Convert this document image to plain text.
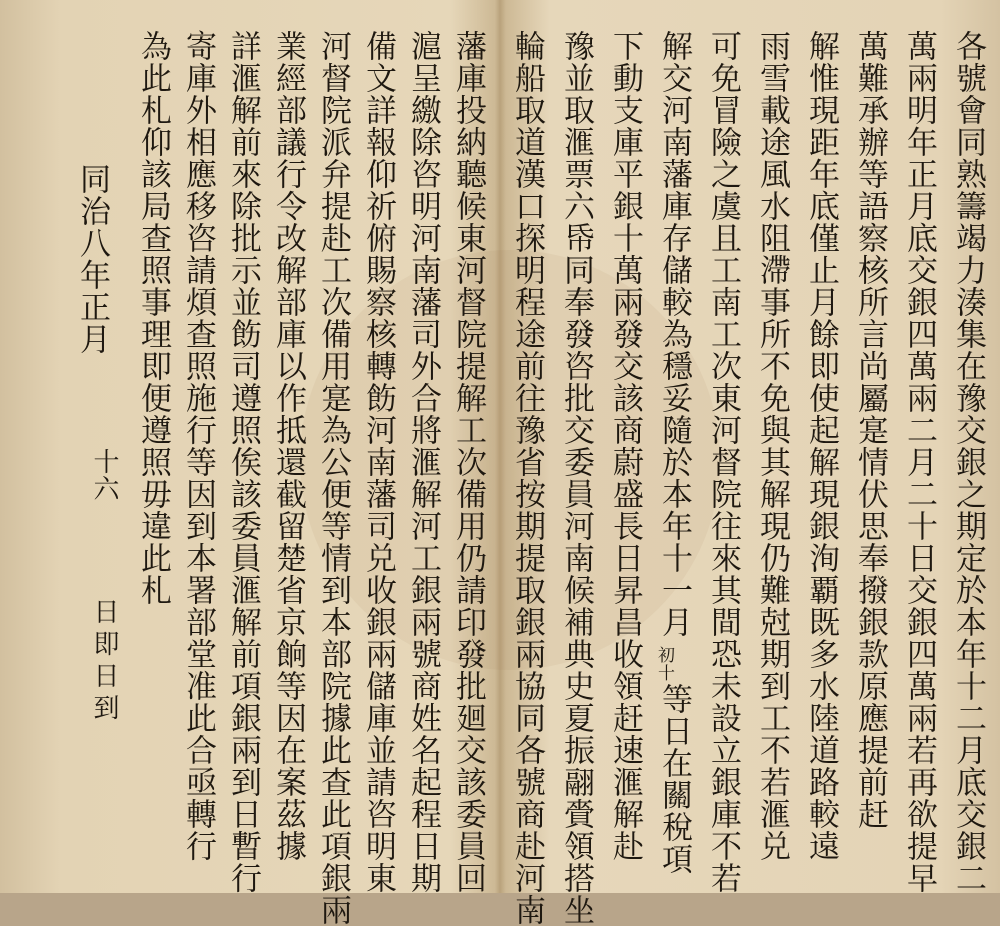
各號會同熟籌竭力湊集在豫交銀之期定於本年十二月底交銀二
萬兩明年正月底交銀四萬兩二月二十日交銀四萬兩若再欲提早
萬難承辦等語察核所言尚屬寔情伏思奉撥銀款原應提前赶
解惟現距年底僅止月餘即使起解現銀洵覇既多水陸道路較遠
雨雪載途風水阻滯事所不免與其解現仍難尅期到工不若滙兑
可免冒險之虞且工南工次東河督院往來其間恐未設立銀庫不若
解交河南藩庫存儲較為穩妥隨於本年十一月
初十
等日在關稅項
下動支庫平銀十萬兩發交該商蔚盛長日昇昌收領赶速滙解赴
豫並取滙票六帋同奉發咨批交委員河南候補典史夏振翮賫領搭坐
輪船取道漢口探明程途前往豫省按期提取銀兩協同各號商赴河南
藩庫投納聽候東河督院提解工次備用仍請印發批廻交該委員回
滬呈繳除咨明河南藩司外合將滙解河工銀兩號商姓名起程日期
備文詳報仰祈俯賜察核轉飭河南藩司兑收銀兩儲庫並請咨明東
河督院派弁提赴工次備用寔為公便等情到本部院據此查此項銀兩
業經部議行令改解部庫以作抵還截留楚省京餉等因在案茲據
詳滙解前來除批示並飭司遵照俟該委員滙解前項銀兩到日暫行
寄庫外相應移咨請煩查照施行等因到本署部堂准此合亟轉行
為此札仰該局查照事理即便遵照毋違此札
同治八年正月
十六
日即日到
